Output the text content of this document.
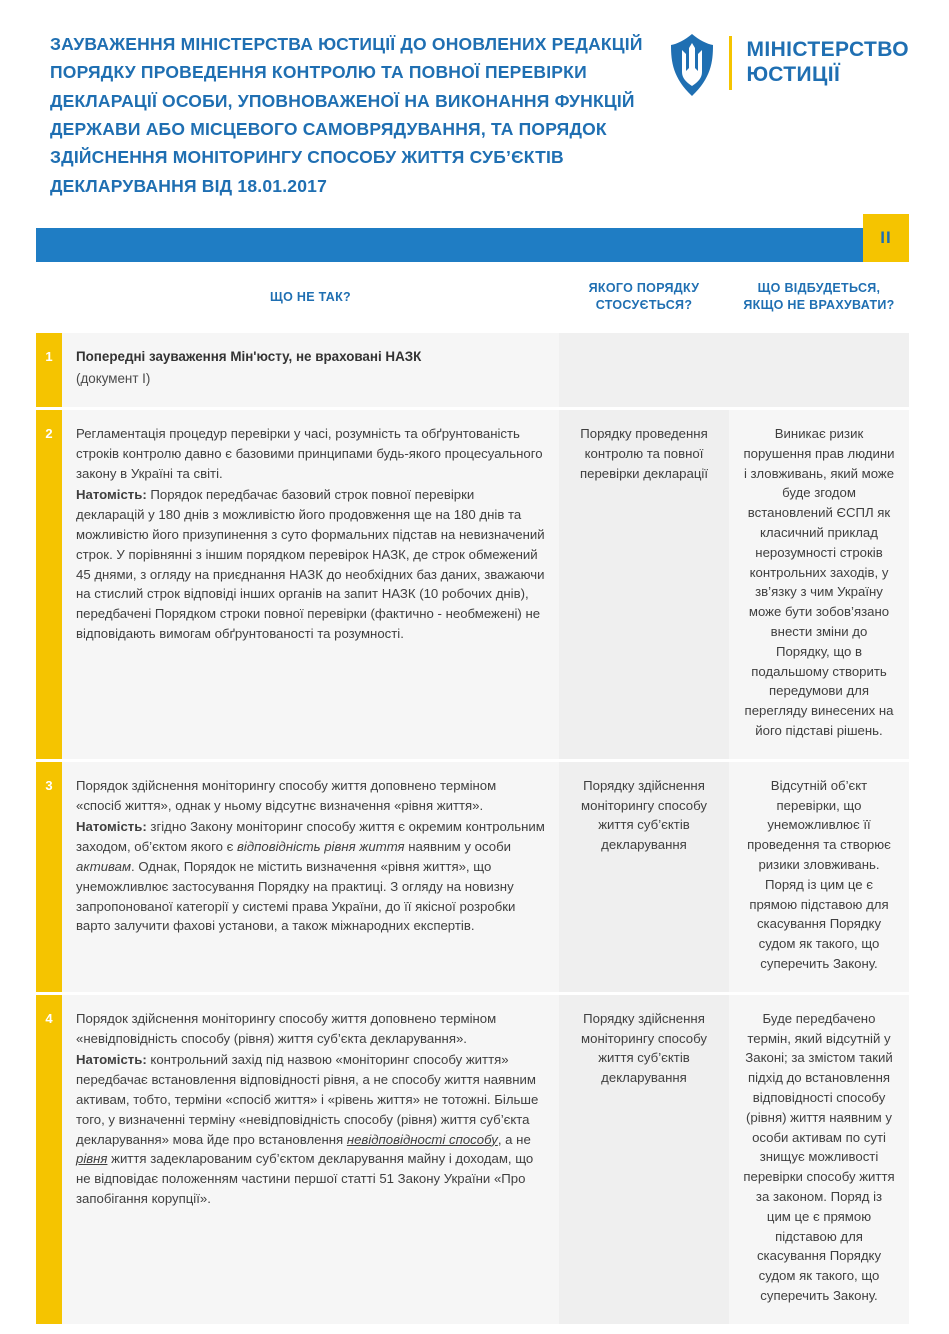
ЗАУВАЖЕННЯ МІНІСТЕРСТВА ЮСТИЦІЇ ДО ОНОВЛЕНИХ РЕДАКЦІЙ ПОРЯДКУ ПРОВЕДЕННЯ КОНТРОЛЮ ТА ПОВНОЇ ПЕРЕВІРКИ ДЕКЛАРАЦІЇ ОСОБИ, УПОВНОВАЖЕНОЇ НА ВИКОНАННЯ ФУНКЦІЙ ДЕРЖАВИ АБО МІСЦЕВОГО САМОВРЯДУВАННЯ, ТА ПОРЯДОК ЗДІЙСНЕННЯ МОНІТОРИНГУ СПОСОБУ ЖИТТЯ СУБ’ЄКТІВ ДЕКЛАРУВАННЯ ВІД 18.01.2017
МІНІСТЕРСТВО
ЮСТИЦІЇ
II
	ЩО НЕ ТАК?	ЯКОГО ПОРЯДКУ СТОСУЄТЬСЯ?	ЩО ВІДБУДЕТЬСЯ, ЯКЩО НЕ ВРАХУВАТИ?
1	Попередні зауваження Мін'юсту, не враховані НАЗК

(документ I)		

2	Регламентація процедур перевірки у часі, розумність та обґрунтованість строків контролю давно є базовими принципами будь-якого процесуального закону в Україні та світі.

Натомість: Порядок передбачає базовий строк повної перевірки декларацій у 180 днів з можливістю його продовження ще на 180 днів та можливістю його призупинення з суто формальних підстав на невизначений строк. У порівнянні з іншим порядком перевірок НАЗК, де строк обмежений 45 днями, з огляду на приєднання НАЗК до необхідних баз даних, зважаючи на стислий строк відповіді інших органів на запит НАЗК (10 робочих днів), передбачені Порядком строки повної перевірки (фактично - необмежені) не відповідають вимогам обґрунтованості та розумності.

	Порядку проведення контролю та повної перевірки декларації	Виникає ризик порушення прав людини і зловживань, який може буде згодом встановлений ЄСПЛ як класичний приклад нерозумності строків контрольних заходів, у зв’язку з чим Україну може бути зобов’язано внести зміни до Порядку, що в подальшому створить передумови для перегляду винесених на його підставі рішень.
3	Порядок здійснення моніторингу способу життя доповнено терміном «спосіб життя», однак у ньому відсутнє визначення «рівня життя».

Натомість: згідно Закону моніторинг способу життя є окремим контрольним заходом, об’єктом якого є відповідність рівня життя наявним у особи активам. Однак, Порядок не містить визначення «рівня життя», що унеможливлює застосування Порядку на практиці. З огляду на новизну запропонованої категорії у системі права України, до її якісної розробки варто залучити фахові установи, а також міжнародних експертів.	Порядку здійснення моніторингу способу життя суб’єктів декларування	Відсутній об’єкт перевірки, що унеможливлює її проведення та створює ризики зловживань. Поряд із цим це є прямою підставою для скасування Порядку судом як такого, що суперечить Закону.
4	Порядок здійснення моніторингу способу життя доповнено терміном «невідповідність способу (рівня) життя суб’єкта декларування».

Натомість: контрольний захід під назвою «моніторинг способу життя» передбачає встановлення відповідності рівня, а не способу життя наявним активам, тобто, терміни «спосіб життя» і «рівень життя» не тотожні. Більше того, у визначенні терміну «невідповідність способу (рівня) життя суб’єкта декларування» мова йде про встановлення невідповідності способу, а не рівня життя задекларованим суб’єктом декларування майну і доходам, що не відповідає положенням частини першої статті 51 Закону України «Про запобігання корупції».

	Порядку здійснення моніторингу способу життя суб’єктів декларування	Буде передбачено термін, який відсутній у Законі; за змістом такий підхід до встановлення відповідності способу (рівня) життя наявним у особи активам по суті знищує можливості перевірки способу життя за законом. Поряд із цим це є прямою підставою для скасування Порядку судом як такого, що суперечить Закону.
